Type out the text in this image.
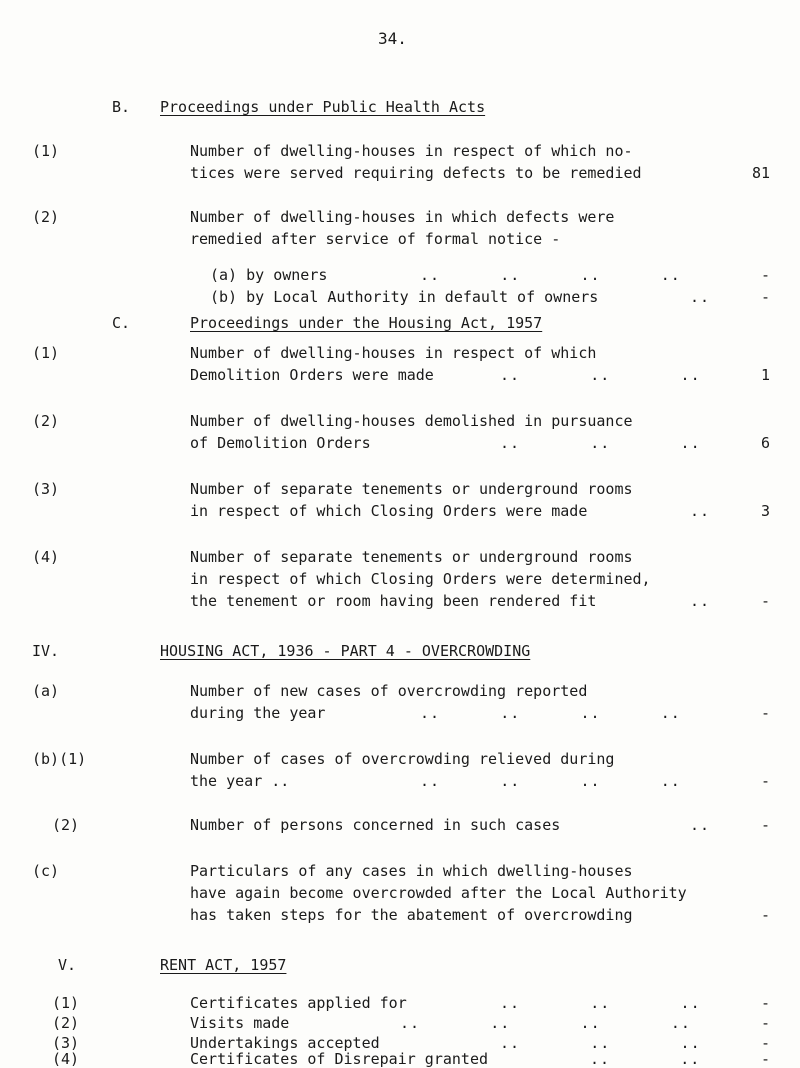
34.
B. Proceedings under Public Health Acts
(1)	Number of dwelling-houses in respect of which no-
tices were served requiring defects to be remedied	81
(2)	Number of dwelling-houses in which defects were
remedied after service of formal notice -
(a) by owners	..      ..      ..      ..	-
(b) by Local Authority in default of owners	..	-
C.	Proceedings under the Housing Act, 1957
(1)	Number of dwelling-houses in respect of which
Demolition Orders were made	..       ..       ..	1
(2)	Number of dwelling-houses demolished in pursuance
of Demolition Orders	..       ..       ..	6
(3)	Number of separate tenements or underground rooms
in respect of which Closing Orders were made	..	3
(4)	Number of separate tenements or underground rooms
in respect of which Closing Orders were determined,
the tenement or room having been rendered fit	..	-
IV.	HOUSING ACT, 1936 - PART 4 - OVERCROWDING
(a)	Number of new cases of overcrowding reported
during the year	..      ..      ..      ..	-
(b)(1)	Number of cases of overcrowding relieved during
the year ..	..      ..      ..      ..	-
(2)	Number of persons concerned in such cases	..	-
(c)	Particulars of any cases in which dwelling-houses
have again become overcrowded after the Local Authority
has taken steps for the abatement of overcrowding	-
V.	RENT ACT, 1957
(1)	Certificates applied for	..       ..       ..	-
(2)	Visits made	..       ..       ..       ..	-
(3)	Undertakings accepted	..       ..       ..	-
(4)	Certificates of Disrepair granted	..       ..	-
